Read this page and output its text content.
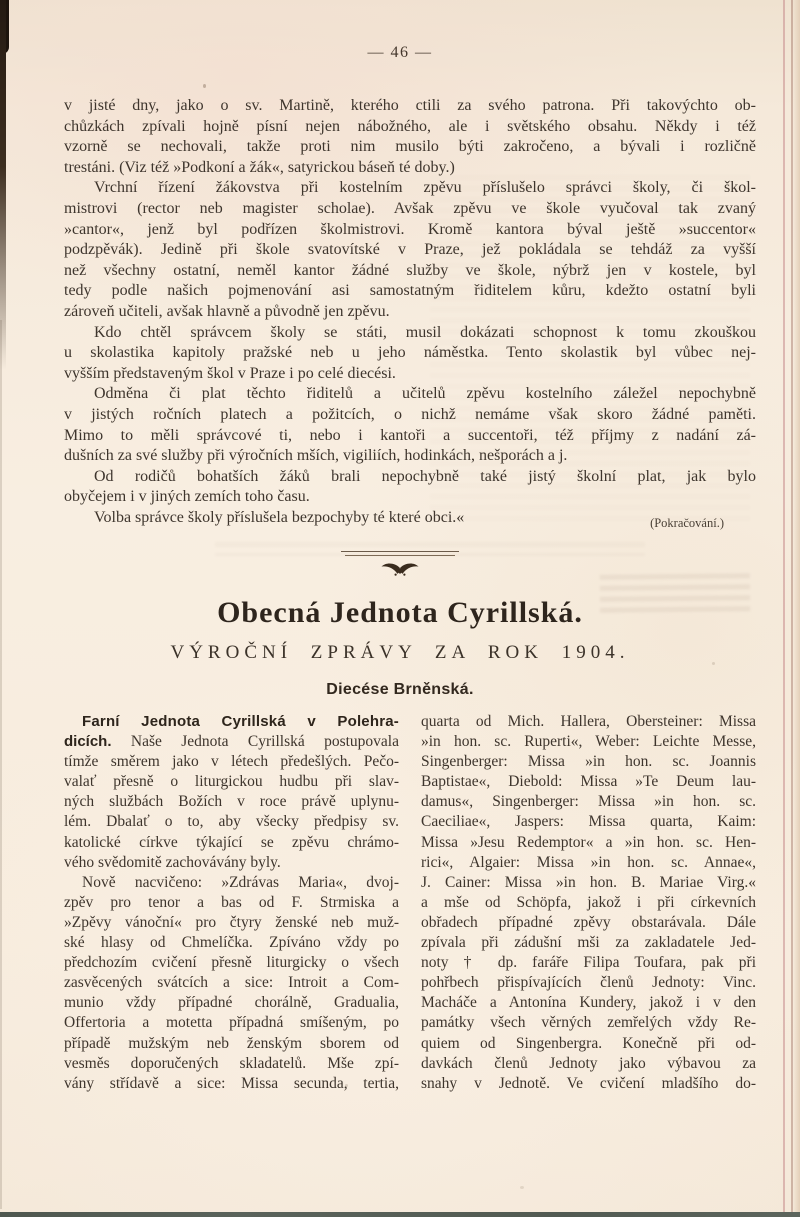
— 46 —
v jisté dny, jako o sv. Martině, kterého ctili za svého patrona. Při takovýchto ob-
chůzkách zpívali hojně písní nejen nábožného, ale i světského obsahu. Někdy i též
vzorně se nechovali, takže proti nim musilo býti zakročeno, a bývali i rozličně
trestáni. (Viz též »Podkoní a žák«, satyrickou báseň té doby.)
Vrchní řízení žákovstva při kostelním zpěvu příslušelo správci školy, či škol-
mistrovi (rector neb magister scholae). Avšak zpěvu ve škole vyučoval tak zvaný
»cantor«, jenž byl podřízen školmistrovi. Kromě kantora býval ještě »succentor«
podzpěvák). Jedině při škole svatovítské v Praze, jež pokládala se tehdáž za vyšší
než všechny ostatní, neměl kantor žádné služby ve škole, nýbrž jen v kostele, byl
tedy podle našich pojmenování asi samostatným řiditelem kůru, kdežto ostatní byli
zároveň učiteli, avšak hlavně a původně jen zpěvu.
Kdo chtěl správcem školy se státi, musil dokázati schopnost k tomu zkouškou
u skolastika kapitoly pražské neb u jeho náměstka. Tento skolastik byl vůbec nej-
vyšším představeným škol v Praze i po celé diecési.
Odměna či plat těchto řiditelů a učitelů zpěvu kostelního záležel nepochybně
v jistých ročních platech a požitcích, o nichž nemáme však skoro žádné paměti.
Mimo to měli správcové ti, nebo i kantoři a succentoři, též příjmy z nadání zá-
dušních za své služby při výročních mších, vigiliích, hodinkách, nešporách a j.
Od rodičů bohatších žáků brali nepochybně také jistý školní plat, jak bylo
obyčejem i v jiných zemích toho času.
Volba správce školy příslušela bezpochyby té které obci.«	(Pokračování.)
Obecná Jednota Cyrillská.
VÝROČNÍ ZPRÁVY ZA ROK 1904.
Diecése Brněnská.
Farní Jednota Cyrillská v Polehra-
dicích. Naše Jednota Cyrillská postupovala
tímže směrem jako v létech předešlých. Pečo-
valať přesně o liturgickou hudbu při slav-
ných službách Božích v roce právě uplynu-
lém. Dbalať o to, aby všecky předpisy sv.
katolické církve týkající se zpěvu chrámo-
vého svědomitě zachovávány byly.
Nově nacvičeno: »Zdrávas Maria«, dvoj-
zpěv pro tenor a bas od F. Strmiska a
»Zpěvy vánoční« pro čtyry ženské neb muž-
ské hlasy od Chmelíčka. Zpíváno vždy po
předchozím cvičení přesně liturgicky o všech
zasvěcených svátcích a sice: Introit a Com-
munio vždy případné chorálně, Gradualia,
Offertoria a motetta případná smíšeným, po
případě mužským neb ženským sborem od
vesměs doporučených skladatelů. Mše zpí-
vány střídavě a sice: Missa secunda, tertia,
quarta od Mich. Hallera, Obersteiner: Missa
»in hon. sc. Ruperti«, Weber: Leichte Messe,
Singenberger: Missa »in hon. sc. Joannis
Baptistae«, Diebold: Missa »Te Deum lau-
damus«, Singenberger: Missa »in hon. sc.
Caeciliae«, Jaspers: Missa quarta, Kaim:
Missa »Jesu Redemptor« a »in hon. sc. Hen-
rici«, Algaier: Missa »in hon. sc. Annae«,
J. Cainer: Missa »in hon. B. Mariae Virg.«
a mše od Schöpfa, jakož i při církevních
obřadech případné zpěvy obstarávala. Dále
zpívala při zádušní mši za zakladatele Jed-
noty † dp. faráře Filipa Toufara, pak při
pohřbech přispívajících členů Jednoty: Vinc.
Macháče a Antonína Kundery, jakož i v den
památky všech věrných zemřelých vždy Re-
quiem od Singenbergra. Konečně při od-
davkách členů Jednoty jako výbavou za
snahy v Jednotě. Ve cvičení mladšího do-
